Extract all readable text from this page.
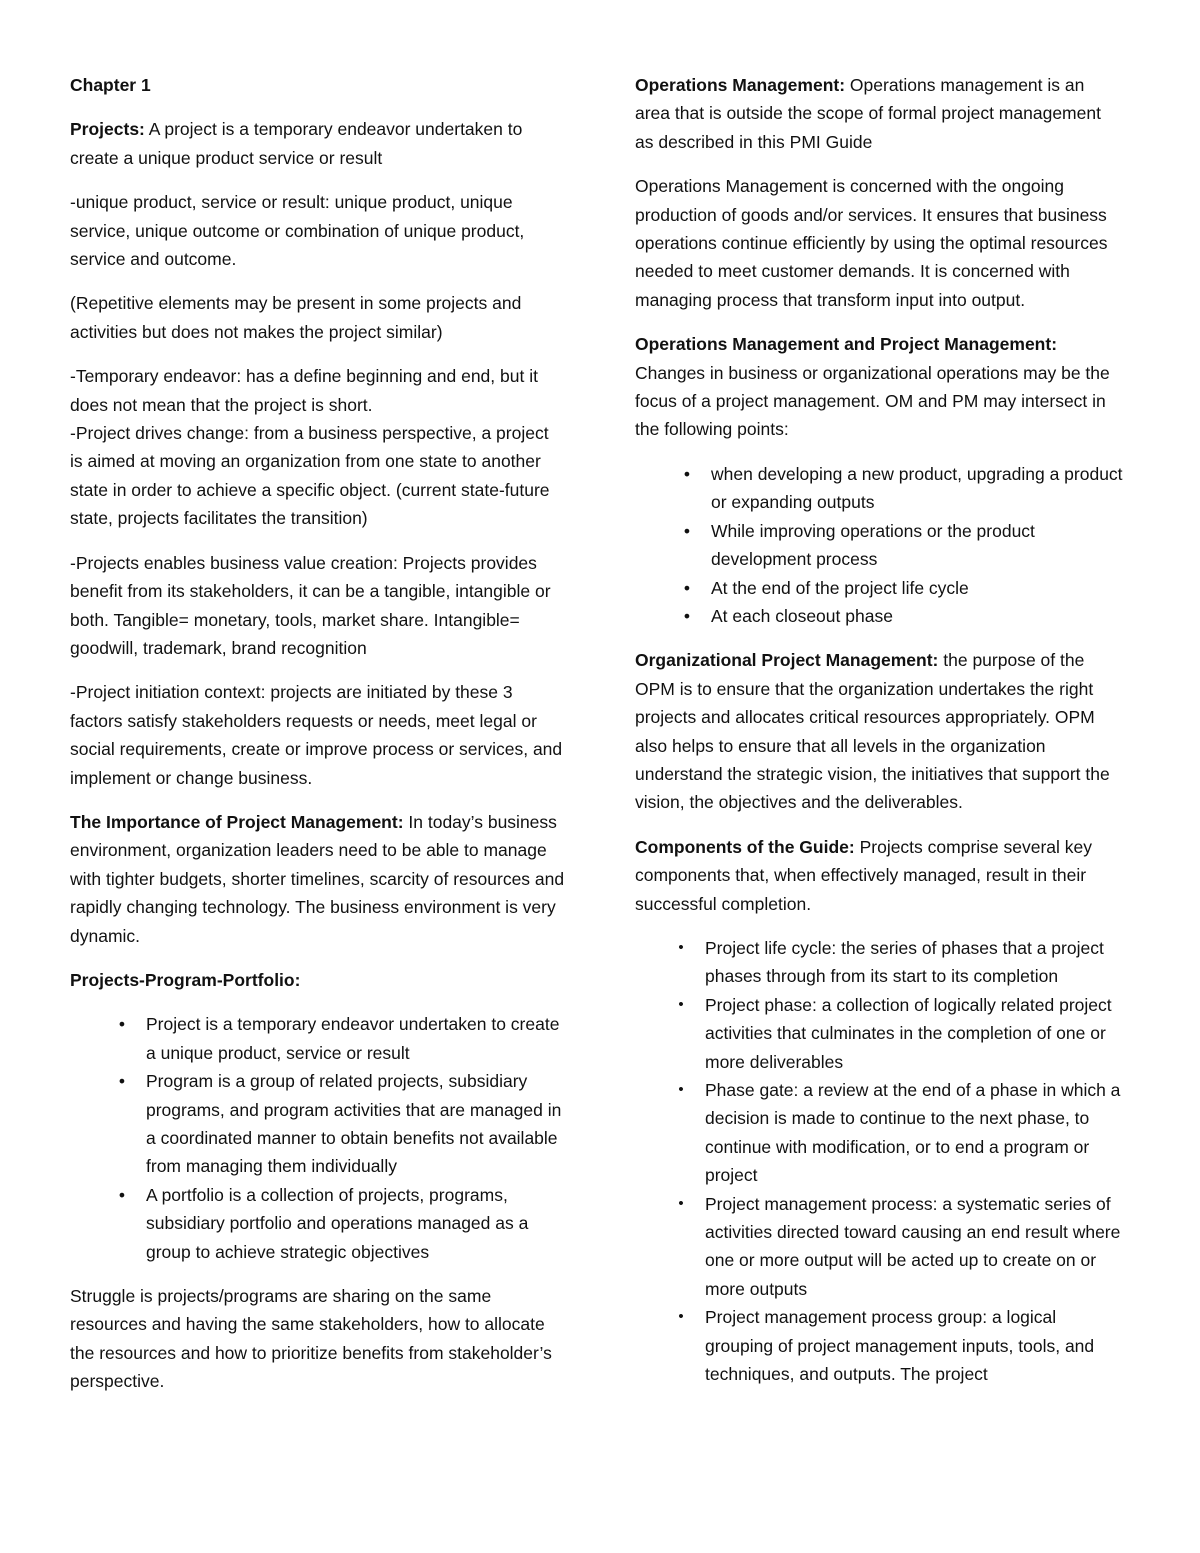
Chapter 1

Projects: A project is a temporary endeavor undertaken to create a unique product service or result

-unique product, service or result: unique product, unique service, unique outcome or combination of unique product, service and outcome.

(Repetitive elements may be present in some projects and activities but does not makes the project similar)

-Temporary endeavor: has a define beginning and end, but it does not mean that the project is short.

-Project drives change: from a business perspective, a project is aimed at moving an organization from one state to another state in order to achieve a specific object. (current state-future state, projects facilitates the transition)

-Projects enables business value creation: Projects provides benefit from its stakeholders, it can be a tangible, intangible or both. Tangible= monetary, tools, market share. Intangible= goodwill, trademark, brand recognition

-Project initiation context: projects are initiated by these 3 factors satisfy stakeholders requests or needs, meet legal or social requirements, create or improve process or services, and implement or change business.

The Importance of Project Management: In today’s business environment, organization leaders need to be able to manage with tighter budgets, shorter timelines, scarcity of resources and rapidly changing technology. The business environment is very dynamic.

Projects-Program-Portfolio:

•	Project is a temporary endeavor undertaken to create a unique product, service or result
•	Program is a group of related projects, subsidiary programs, and program activities that are managed in a coordinated manner to obtain benefits not available from managing them individually
•	A portfolio is a collection of projects, programs, subsidiary portfolio and operations managed as a group to achieve strategic objectives

Struggle is projects/programs are sharing on the same resources and having the same stakeholders, how to allocate the resources and how to prioritize benefits from stakeholder’s perspective.

Operations Management: Operations management is an area that is outside the scope of formal project management as described in this PMI Guide

Operations Management is concerned with the ongoing production of goods and/or services. It ensures that business operations continue efficiently by using the optimal resources needed to meet customer demands. It is concerned with managing process that transform input into output.

Operations Management and Project Management: Changes in business or organizational operations may be the focus of a project management. OM and PM may intersect in the following points:

•	when developing a new product, upgrading a product or expanding outputs
•	While improving operations or the product development process
•	At the end of the project life cycle
•	At each closeout phase

Organizational Project Management: the purpose of the OPM is to ensure that the organization undertakes the right projects and allocates critical resources appropriately. OPM also helps to ensure that all levels in the organization understand the strategic vision, the initiatives that support the vision, the objectives and the deliverables.

Components of the Guide: Projects comprise several key components that, when effectively managed, result in their successful completion.

•	Project life cycle: the series of phases that a project phases through from its start to its completion
•	Project phase: a collection of logically related project activities that culminates in the completion of one or more deliverables
•	Phase gate: a review at the end of a phase in which a decision is made to continue to the next phase, to continue with modification, or to end a program or project
•	Project management process: a systematic series of activities directed toward causing an end result where one or more output will be acted up to create on or more outputs
•	Project management process group: a logical grouping of project management inputs, tools, and techniques, and outputs. The project
